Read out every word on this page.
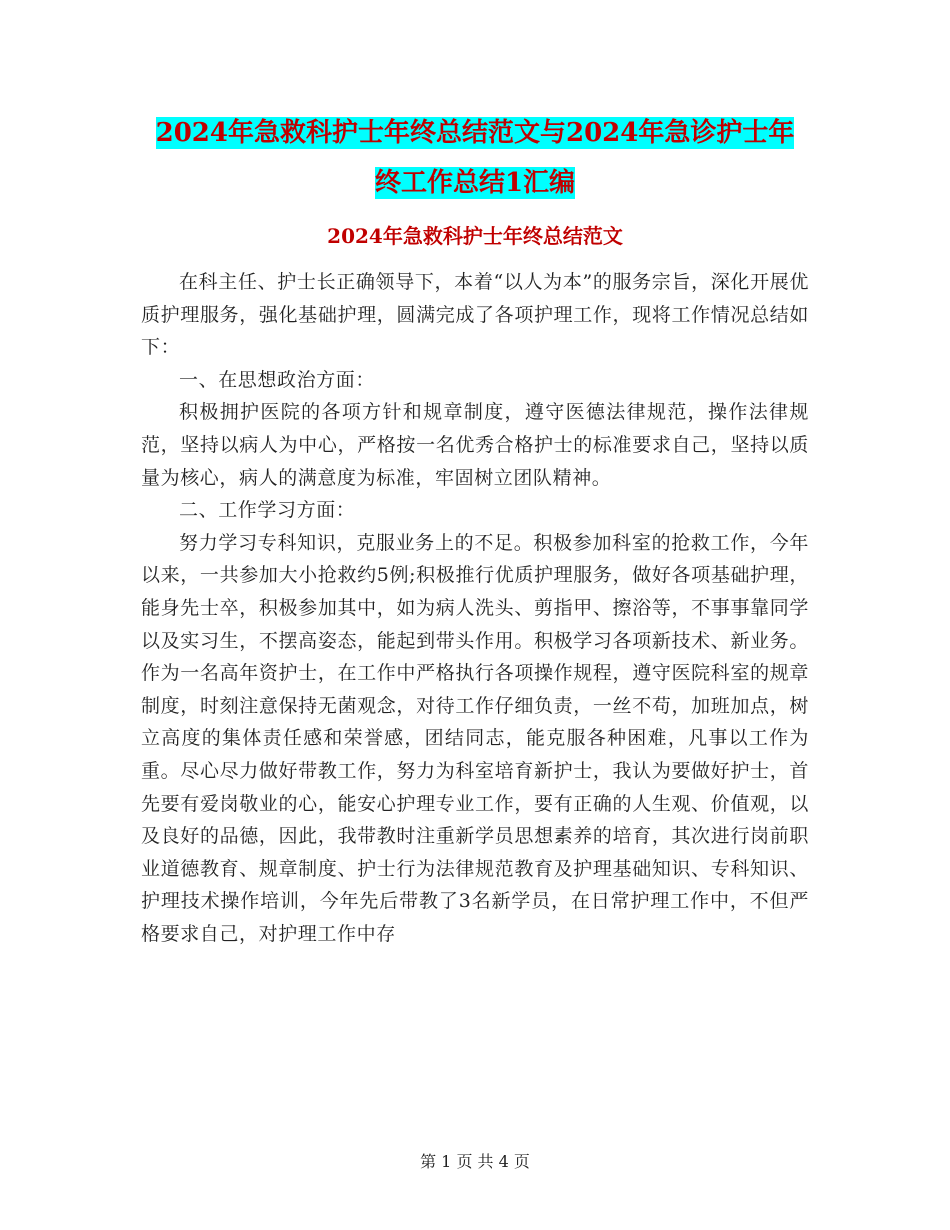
2024年急救科护士年终总结范文与2024年急诊护士年
终工作总结1汇编
2024年急救科护士年终总结范文

在科主任、护士长正确领导下，本着“以人为本”的服务宗旨，深化开展优质护理服务，强化基础护理，圆满完成了各项护理工作，现将工作情况总结如下：

一、在思想政治方面：

积极拥护医院的各项方针和规章制度，遵守医德法律规范，操作法律规范，坚持以病人为中心，严格按一名优秀合格护士的标准要求自己，坚持以质量为核心，病人的满意度为标准，牢固树立团队精神。

二、工作学习方面：

努力学习专科知识，克服业务上的不足。积极参加科室的抢救工作，今年以来，一共参加大小抢救约5例;积极推行优质护理服务，做好各项基础护理，能身先士卒，积极参加其中，如为病人洗头、剪指甲、擦浴等，不事事靠同学以及实习生，不摆高姿态，能起到带头作用。积极学习各项新技术、新业务。作为一名高年资护士，在工作中严格执行各项操作规程，遵守医院科室的规章制度，时刻注意保持无菌观念，对待工作仔细负责，一丝不苟，加班加点，树立高度的集体责任感和荣誉感，团结同志，能克服各种困难，凡事以工作为重。尽心尽力做好带教工作，努力为科室培育新护士，我认为要做好护士，首先要有爱岗敬业的心，能安心护理专业工作，要有正确的人生观、价值观，以及良好的品德，因此，我带教时注重新学员思想素养的培育，其次进行岗前职业道德教育、规章制度、护士行为法律规范教育及护理基础知识、专科知识、护理技术操作培训，今年先后带教了3名新学员，在日常护理工作中，不但严格要求自己，对护理工作中存

第 1 页 共 4 页
